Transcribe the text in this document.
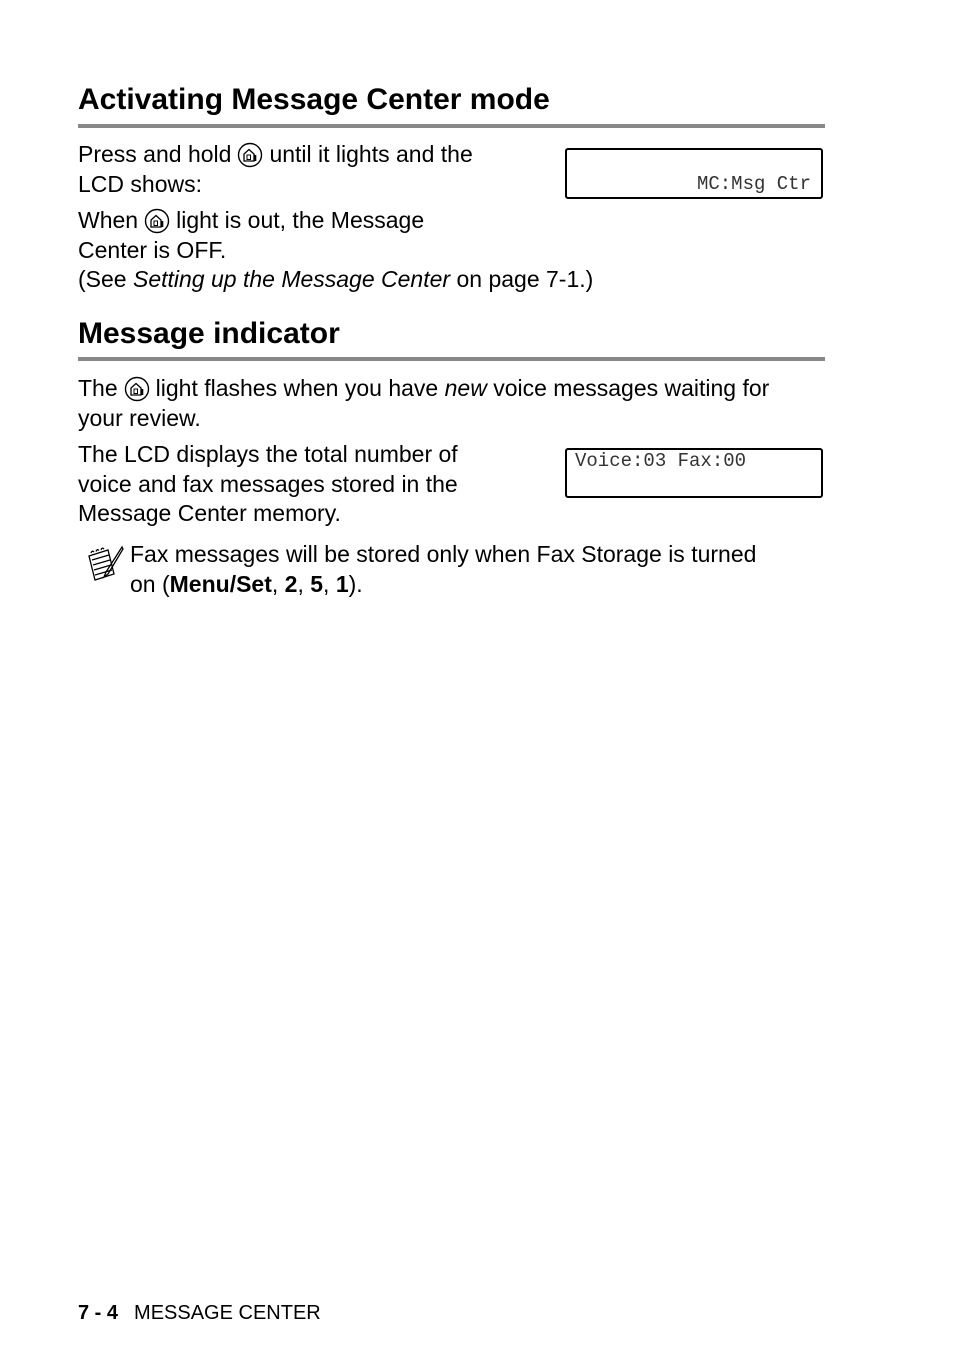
Activating Message Center mode
Press and hold until it lights and the
LCD shows:	MC:Msg Ctr
When light is out, the Message
Center is OFF.
(See Setting up the Message Center on page 7-1.)
Message indicator
The light flashes when you have new voice messages waiting for
your review.
The LCD displays the total number of
voice and fax messages stored in the
Message Center memory.
Voice:03 Fax:00
Fax messages will be stored only when Fax Storage is turned
on (Menu/Set, 2, 5, 1).
7 - 4 MESSAGE CENTER
